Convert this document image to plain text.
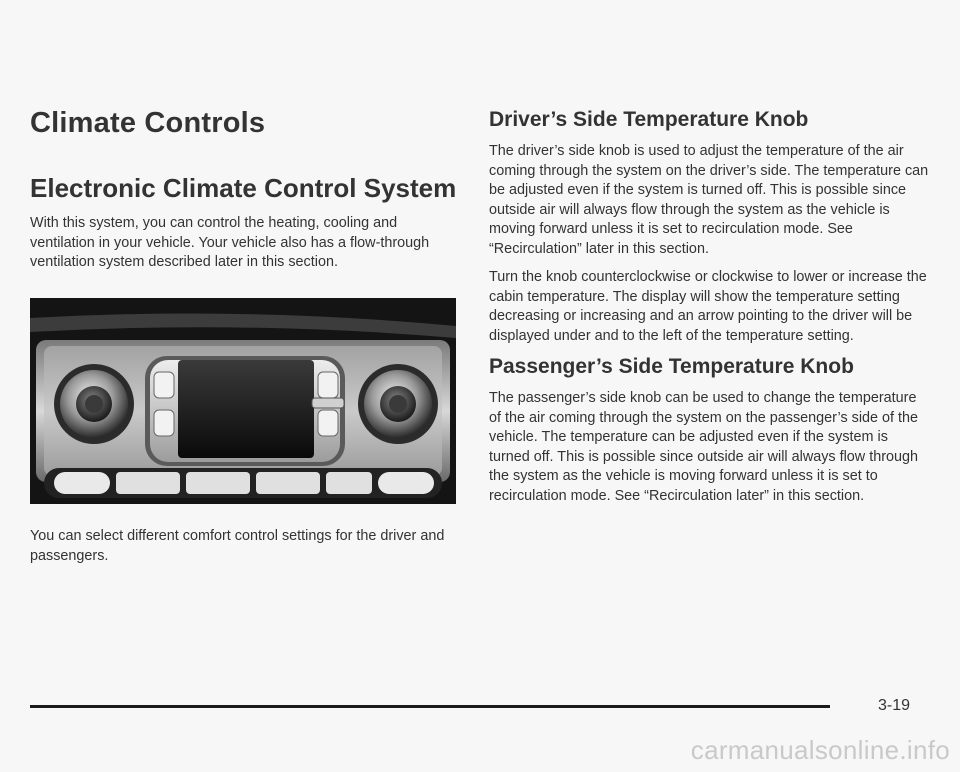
Climate Controls
Electronic Climate Control System

With this system, you can control the heating, cooling and ventilation in your vehicle. Your vehicle also has a flow-through ventilation system described later in this section.

You can select different comfort control settings for the driver and passengers.

Driver’s Side Temperature Knob

The driver’s side knob is used to adjust the temperature of the air coming through the system on the driver’s side. The temperature can be adjusted even if the system is turned off. This is possible since outside air will always flow through the system as the vehicle is moving forward unless it is set to recirculation mode. See “Recirculation” later in this section.

Turn the knob counterclockwise or clockwise to lower or increase the cabin temperature. The display will show the temperature setting decreasing or increasing and an arrow pointing to the driver will be displayed under and to the left of the temperature setting.

Passenger’s Side Temperature Knob

The passenger’s side knob can be used to change the temperature of the air coming through the system on the passenger’s side of the vehicle. The temperature can be adjusted even if the system is turned off. This is possible since outside air will always flow through the system as the vehicle is moving forward unless it is set to recirculation mode. See “Recirculation later” in this section.

3-19
carmanualsonline.info
